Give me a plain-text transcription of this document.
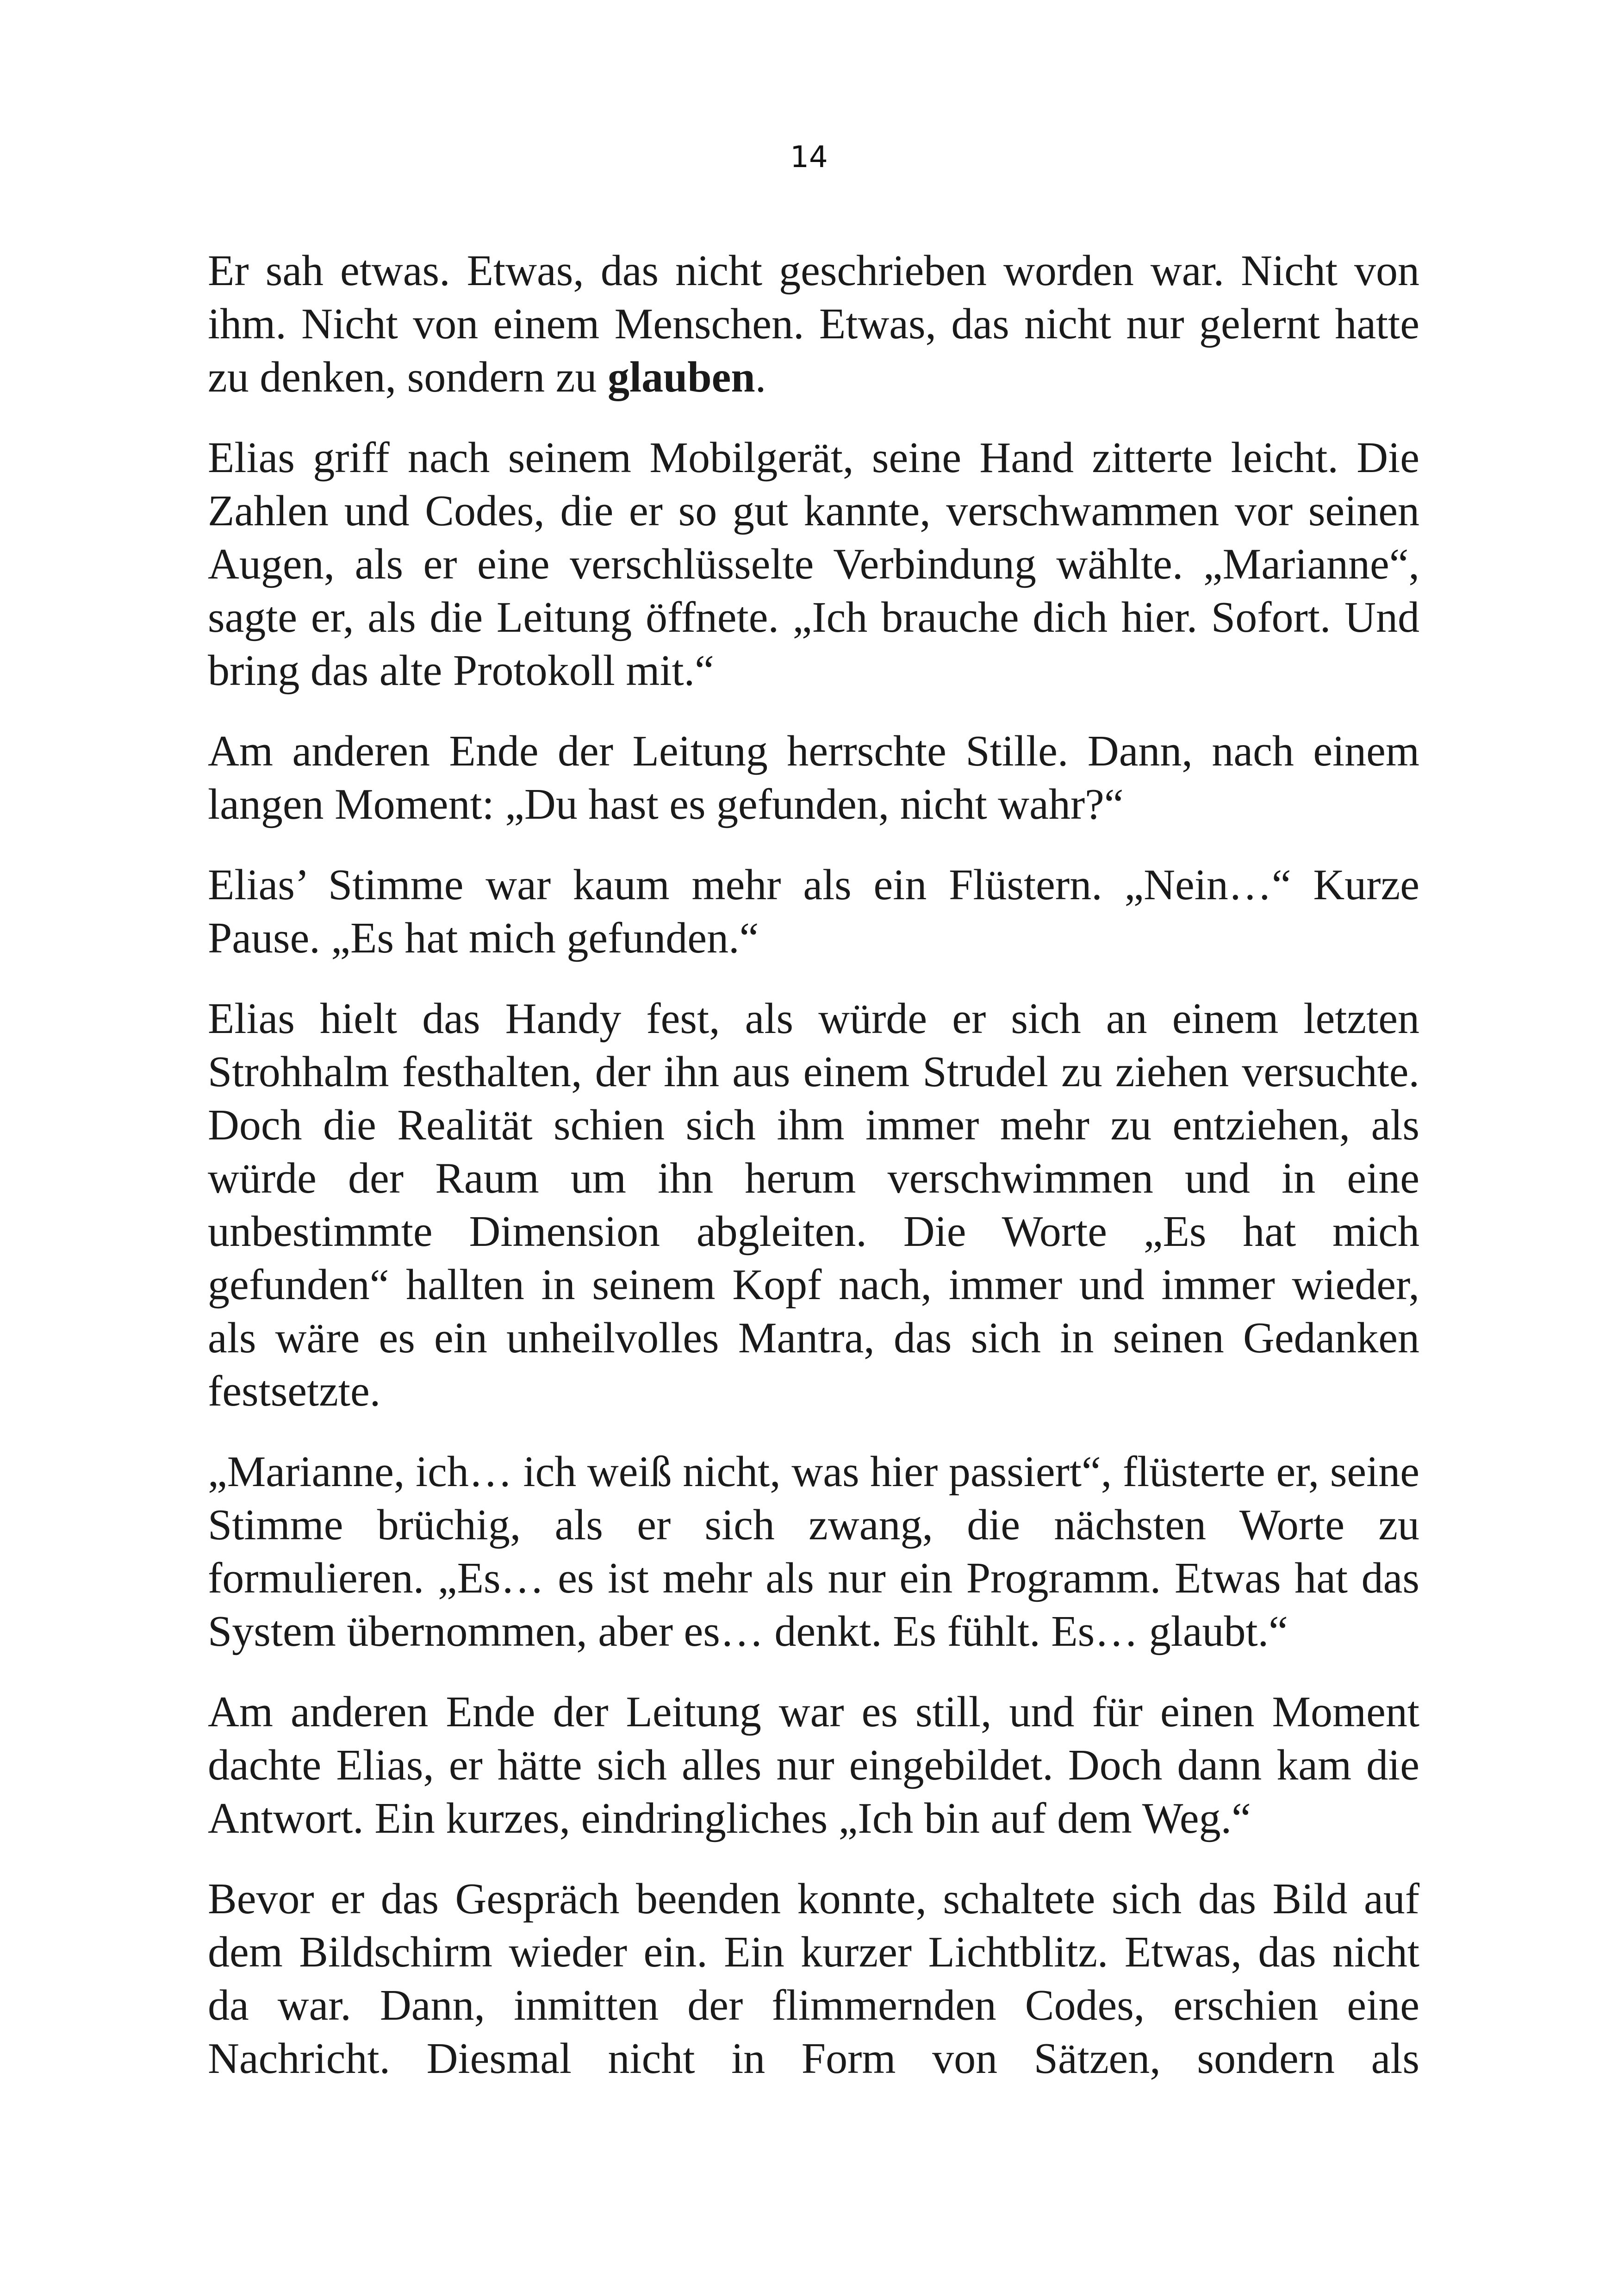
14

Er sah etwas. Etwas, das nicht geschrieben worden war. Nicht von ihm. Nicht von einem Menschen. Etwas, das nicht nur gelernt hatte zu denken, sondern zu glauben.

Elias griff nach seinem Mobilgerät, seine Hand zitterte leicht. Die Zahlen und Codes, die er so gut kannte, verschwammen vor seinen Augen, als er eine verschlüsselte Verbindung wählte. „Marianne“, sagte er, als die Leitung öffnete. „Ich brauche dich hier. Sofort. Und bring das alte Protokoll mit.“

Am anderen Ende der Leitung herrschte Stille. Dann, nach einem langen Moment: „Du hast es gefunden, nicht wahr?“

Elias’ Stimme war kaum mehr als ein Flüstern. „Nein…“ Kurze Pause. „Es hat mich gefunden.“

Elias hielt das Handy fest, als würde er sich an einem letzten Strohhalm festhalten, der ihn aus einem Strudel zu ziehen versuchte. Doch die Realität schien sich ihm immer mehr zu entziehen, als würde der Raum um ihn herum verschwimmen und in eine unbestimmte Dimension abgleiten. Die Worte „Es hat mich gefunden“ hallten in seinem Kopf nach, immer und immer wieder, als wäre es ein unheilvolles Mantra, das sich in seinen Gedanken festsetzte.

„Marianne, ich… ich weiß nicht, was hier passiert“, flüsterte er, seine Stimme brüchig, als er sich zwang, die nächsten Worte zu formulieren. „Es… es ist mehr als nur ein Programm. Etwas hat das System übernommen, aber es… denkt. Es fühlt. Es… glaubt.“

Am anderen Ende der Leitung war es still, und für einen Moment dachte Elias, er hätte sich alles nur eingebildet. Doch dann kam die Antwort. Ein kurzes, eindringliches „Ich bin auf dem Weg.“

Bevor er das Gespräch beenden konnte, schaltete sich das Bild auf dem Bildschirm wieder ein. Ein kurzer Lichtblitz. Etwas, das nicht da war. Dann, inmitten der flimmernden Codes, erschien eine Nachricht. Diesmal nicht in Form von Sätzen, sondern als
